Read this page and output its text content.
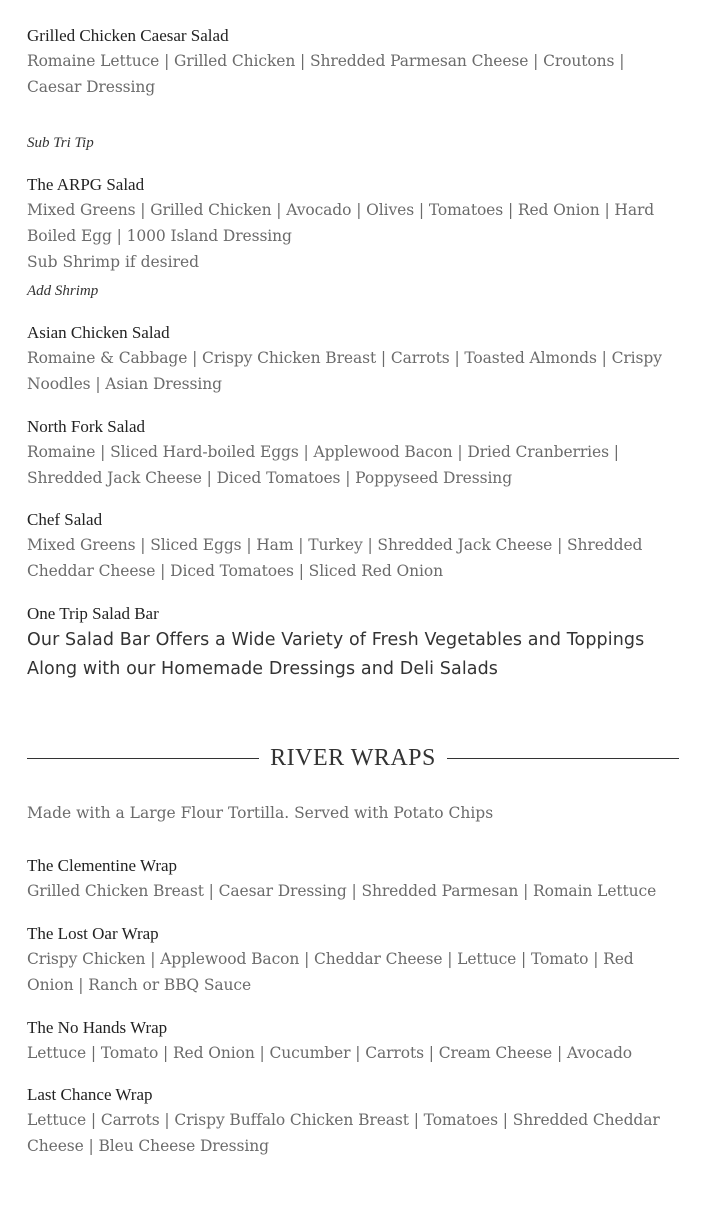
Grilled Chicken Caesar Salad

Romaine Lettuce | Grilled Chicken | Shredded Parmesan Cheese | Croutons | Caesar Dressing

Sub Tri Tip

The ARPG Salad

Mixed Greens | Grilled Chicken | Avocado | Olives | Tomatoes | Red Onion | Hard Boiled Egg | 1000 Island Dressing

Sub Shrimp if desired

Add Shrimp

Asian Chicken Salad

Romaine & Cabbage | Crispy Chicken Breast | Carrots | Toasted Almonds | Crispy Noodles | Asian Dressing

North Fork Salad

Romaine | Sliced Hard-boiled Eggs | Applewood Bacon | Dried Cranberries | Shredded Jack Cheese | Diced Tomatoes | Poppyseed Dressing

Chef Salad

Mixed Greens | Sliced Eggs | Ham | Turkey | Shredded Jack Cheese | Shredded Cheddar Cheese | Diced Tomatoes | Sliced Red Onion

One Trip Salad Bar

Our Salad Bar Offers a Wide Variety of Fresh Vegetables and Toppings Along with our Homemade Dressings and Deli Salads

RIVER WRAPS

Made with a Large Flour Tortilla. Served with Potato Chips

The Clementine Wrap

Grilled Chicken Breast | Caesar Dressing | Shredded Parmesan | Romain Lettuce

The Lost Oar Wrap

Crispy Chicken | Applewood Bacon | Cheddar Cheese | Lettuce | Tomato | Red Onion | Ranch or BBQ Sauce

The No Hands Wrap

Lettuce | Tomato | Red Onion | Cucumber | Carrots | Cream Cheese | Avocado

Last Chance Wrap

Lettuce | Carrots | Crispy Buffalo Chicken Breast | Tomatoes | Shredded Cheddar Cheese | Bleu Cheese Dressing
